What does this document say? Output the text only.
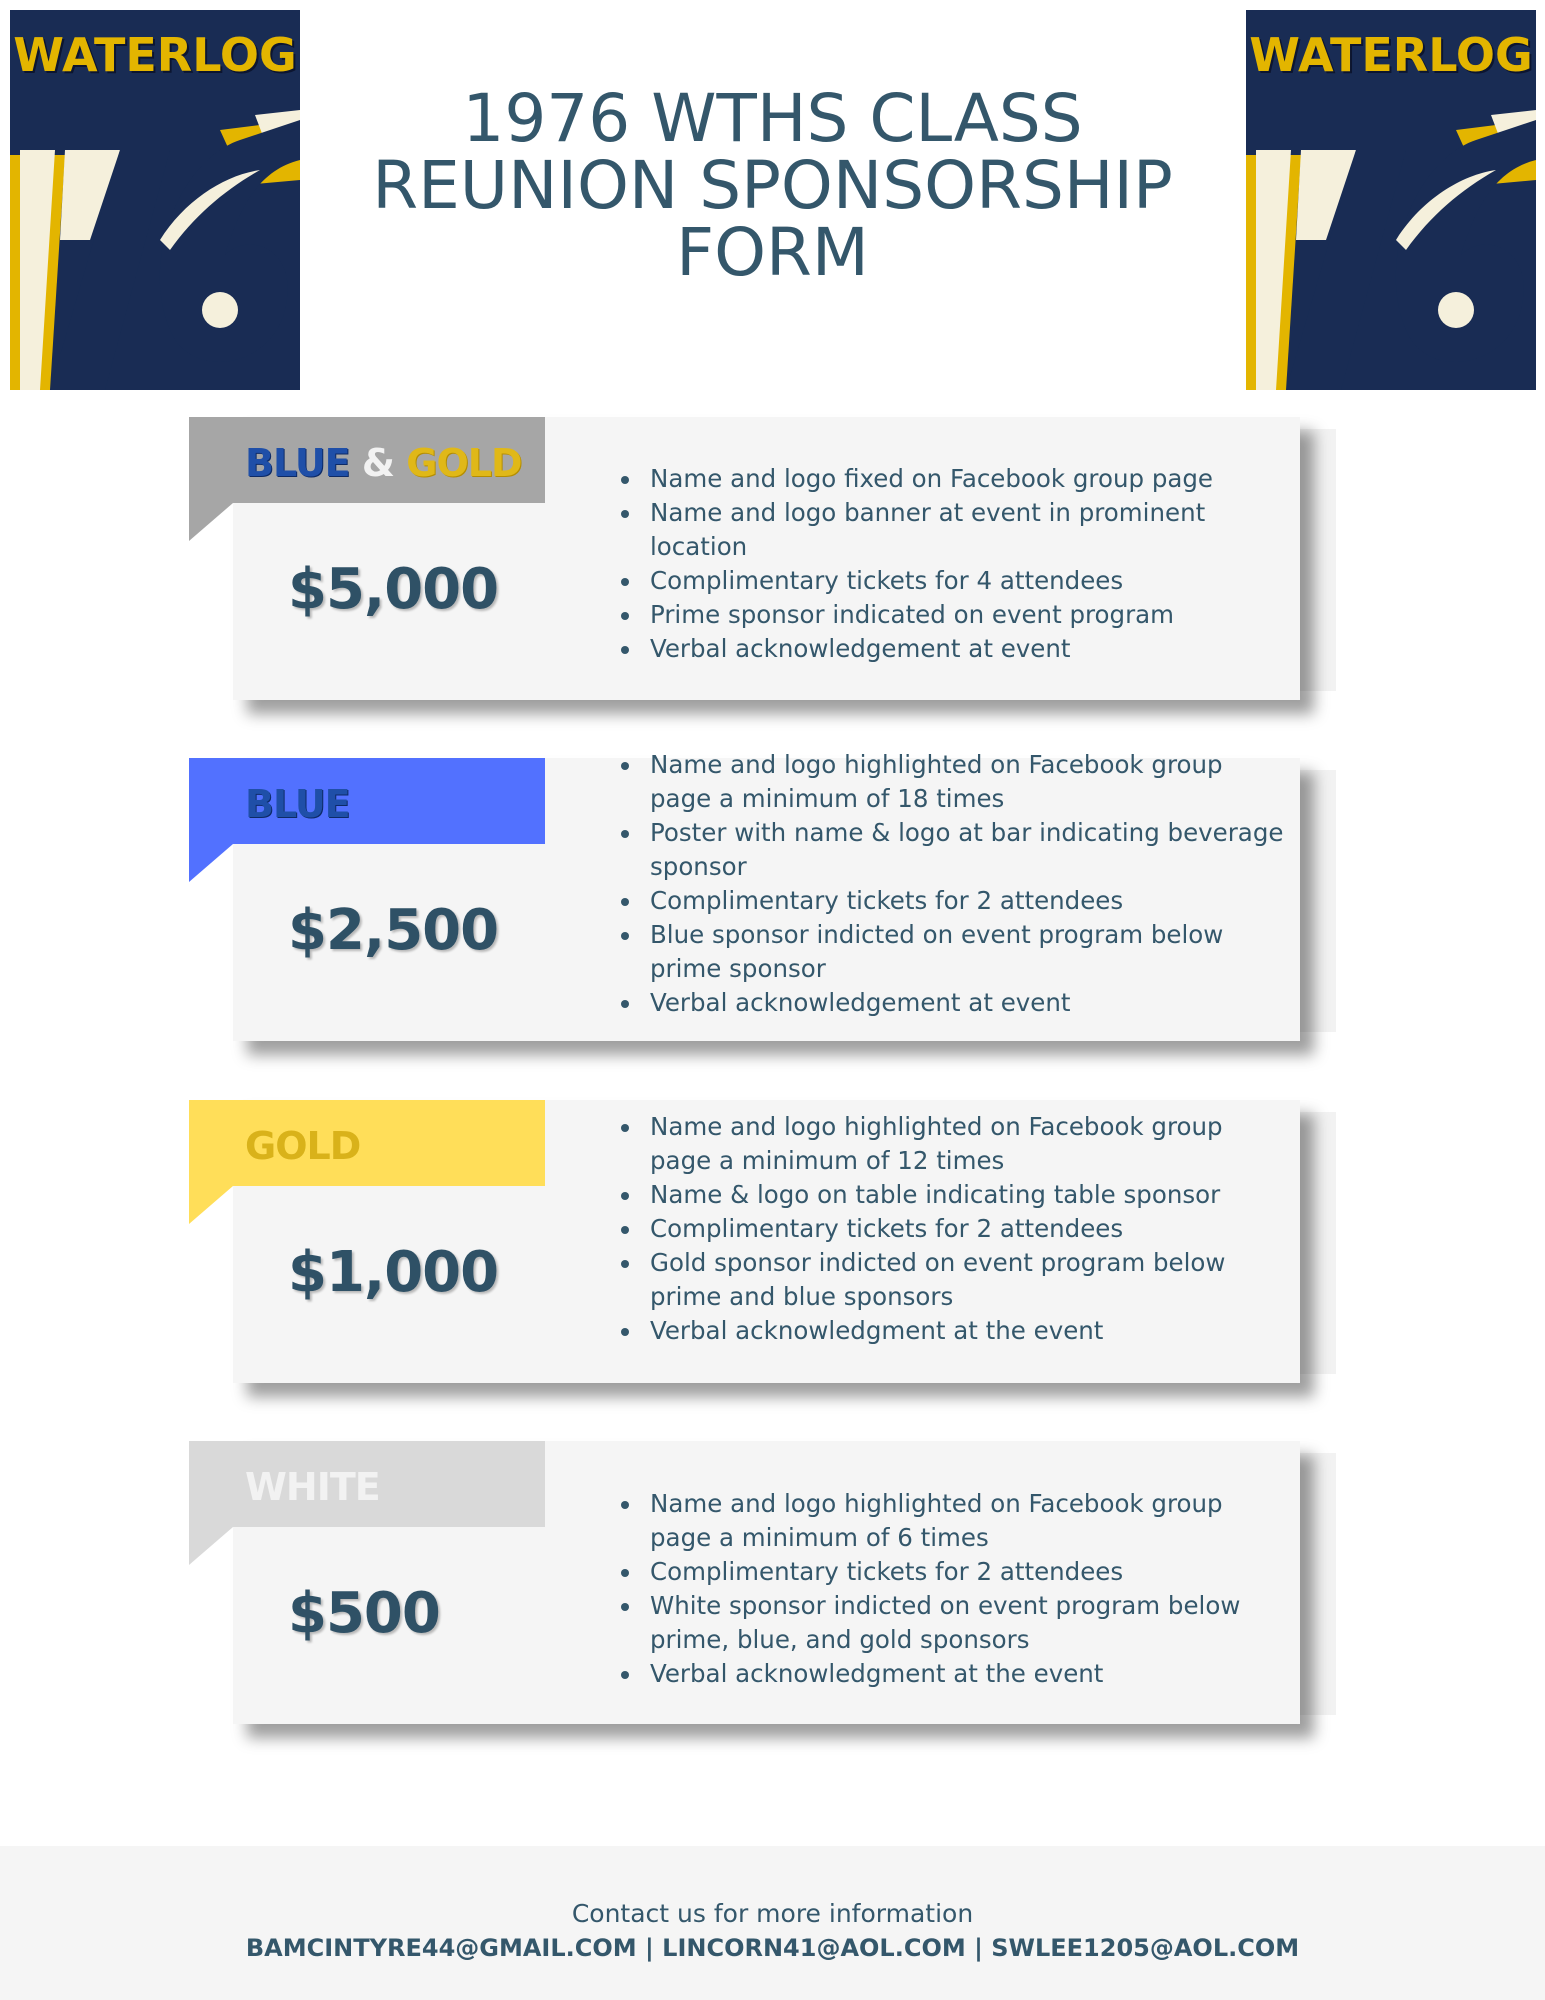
WATERLOG	WATERLOG
1976 WTHS CLASS
REUNION SPONSORSHIP
FORM
BLUE & GOLD
$5,000
Name and logo fixed on Facebook group page
Name and logo banner at event in prominent location
Complimentary tickets for 4 attendees
Prime sponsor indicated on event program
Verbal acknowledgement at event
BLUE
$2,500
Name and logo highlighted on Facebook group page a minimum of 18 times
Poster with name & logo at bar indicating beverage sponsor
Complimentary tickets for 2 attendees
Blue sponsor indicted on event program below prime sponsor
Verbal acknowledgement at event
GOLD
$1,000
Name and logo highlighted on Facebook group page a minimum of 12 times
Name & logo on table indicating table sponsor
Complimentary tickets for 2 attendees
Gold sponsor indicted on event program below prime and blue sponsors
Verbal acknowledgment at the event
WHITE
$500
Name and logo highlighted on Facebook group page a minimum of 6 times
Complimentary tickets for 2 attendees
White sponsor indicted on event program below prime, blue, and gold sponsors
Verbal acknowledgment at the event
Contact us for more information
BAMCINTYRE44@GMAIL.COM | LINCORN41@AOL.COM | SWLEE1205@AOL.COM
